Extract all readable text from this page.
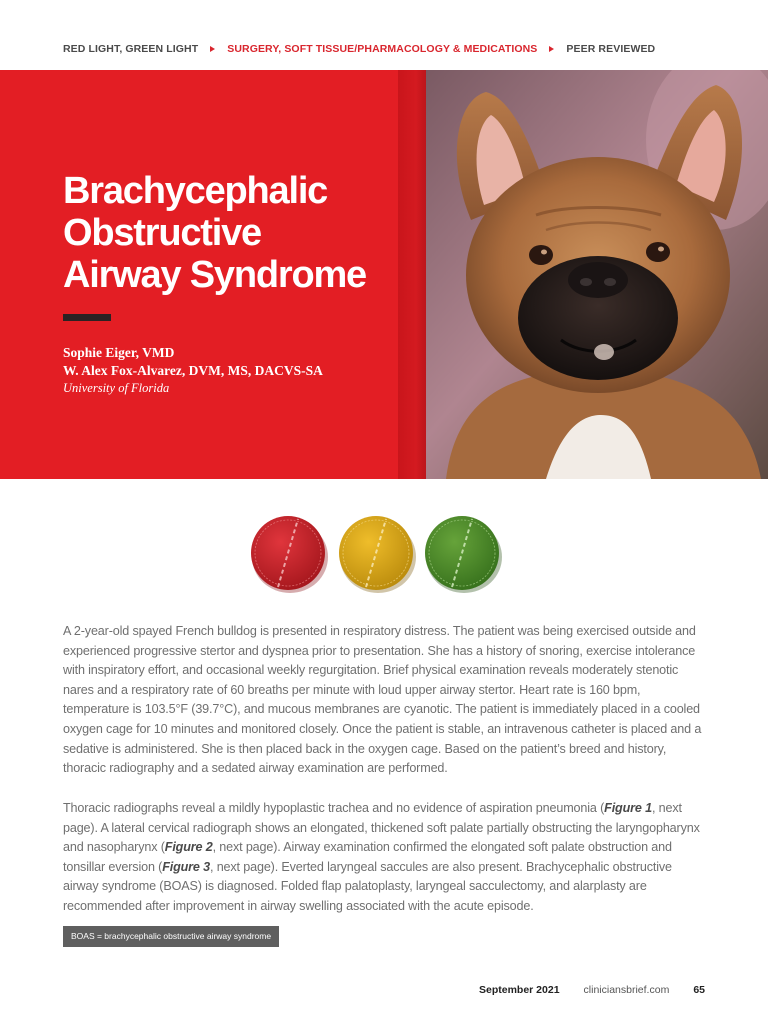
RED LIGHT, GREEN LIGHT	SURGERY, SOFT TISSUE/PHARMACOLOGY & MEDICATIONS	PEER REVIEWED
Brachycephalic
Obstructive
Airway Syndrome
Sophie Eiger, VMD
W. Alex Fox-Alvarez, DVM, MS, DACVS-SA
University of Florida

A 2-year-old spayed French bulldog is presented in respiratory distress. The patient was being exercised outside and experienced progressive stertor and dyspnea prior to presentation. She has a history of snoring, exercise intolerance with inspiratory effort, and occasional weekly regurgitation. Brief physical examination reveals moderately stenotic nares and a respiratory rate of 60 breaths per minute with loud upper airway stertor. Heart rate is 160 bpm, temperature is 103.5°F (39.7°C), and mucous membranes are cyanotic. The patient is immediately placed in a cooled oxygen cage for 10 minutes and monitored closely. Once the patient is stable, an intravenous catheter is placed and a sedative is administered. She is then placed back in the oxygen cage. Based on the patient’s breed and history, thoracic radiography and a sedated airway examination are performed.

Thoracic radiographs reveal a mildly hypoplastic trachea and no evidence of aspiration pneumonia (Figure 1, next page). A lateral cervical radiograph shows an elongated, thickened soft palate partially obstructing the laryngopharynx and nasopharynx (Figure 2, next page). Airway examination confirmed the elongated soft palate obstruction and tonsillar eversion (Figure 3, next page). Everted laryngeal saccules are also present. Brachycephalic obstructive airway syndrome (BOAS) is diagnosed. Folded flap palatoplasty, laryngeal sacculectomy, and alarplasty are recommended after improvement in airway swelling associated with the acute episode.

BOAS = brachycephalic obstructive airway syndrome
September 2021 cliniciansbrief.com 65
